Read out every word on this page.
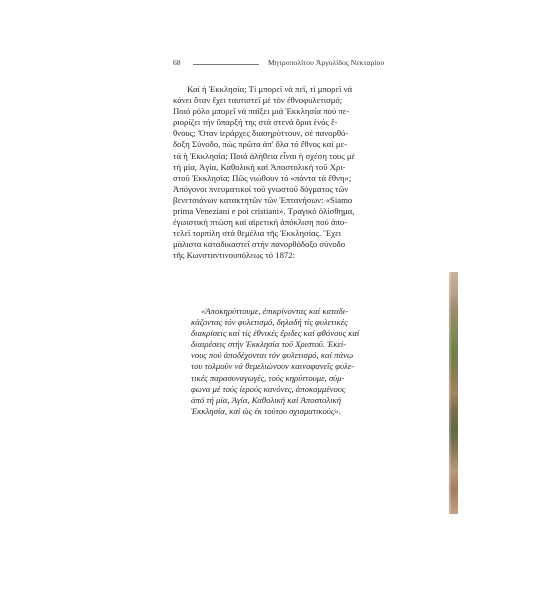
68	Μητροπολίτου Ἀργολίδος Νεκταρίου
Καί ἡ Ἐκκλησία; Τί μπορεῖ νά πεῖ, τί μπορεῖ νά
κάνει ὅταν ἔχει ταυτιστεῖ μέ τόν ἐθνοφυλετισμό;
Ποιό ρόλο μπορεῖ νά παίξει μιά Ἐκκλησία πού πε-
ριορίζει τήν ὕπαρξή της στά στενά ὅρια ἑνός ἔ-
θνους; Ὅταν ἱεράρχες διασηρύττουν, σέ πανορθό-
δοξη Σύνοδο, πώς πρῶτα ἀπ' ὅλα τό ἔθνος καί με-
τά ἡ Ἐκκλησία; Ποιά ἀλήθεια εἶναι ἡ σχέση τους μέ
τή μία, Ἁγία, Καθολική καί Ἀποστολική τοῦ Χρι-
στοῦ Ἐκκλησία; Πῶς νιώθουν τό «πάντα τά ἔθνη»;
Ἀπόγονοι πνευματικοί τοῦ γνωστοῦ δόγματος τῶν
βενετσιάνων κατακτητῶν τῶν Ἑπτανήσων: «Siamo
prima Veneziani e poi cristiani». Τραγικό ὀλίσθημα,
ἐγωιστική πτώση καί αἱρετική ἀπόκλιση πού ἀπο-
τελεῖ τορπίλη στά θεμέλια τῆς Ἐκκλησίας. Ἔχει
μάλιστα καταδικαστεῖ στήν πανορθόδοξο σύνοδο
τῆς Κωνσταντινουπόλεως τό 1872:
«Ἀποκηρύττουμε, ἐπικρίνοντας καί καταδι-
κάζοντας τόν φυλετισμό, δηλαδή τίς φυλετικές
διακρίσεις καί τίς ἐθνικές ἔριδες καί φθόνους καί
διαιρέσεις στήν Ἐκκλησία τοῦ Χριστοῦ. Ἐκεί-
νους πού ἀποδέχονται τόν φυλετισμό, καί πάνω
του τολμοῦν νά θεμελιώνουν καινοφανεῖς φυλε-
τικές παρασυναγωγές, τούς κηρύττουμε, σύμ-
φωνα μέ τούς ἱερούς κανόνες, ἀποκομμένους
ἀπό τή μία, Ἁγία, Καθολική καί Ἀποστολική
Ἐκκλησία, καί ὡς ἐκ τούτου σχισματικούς».
